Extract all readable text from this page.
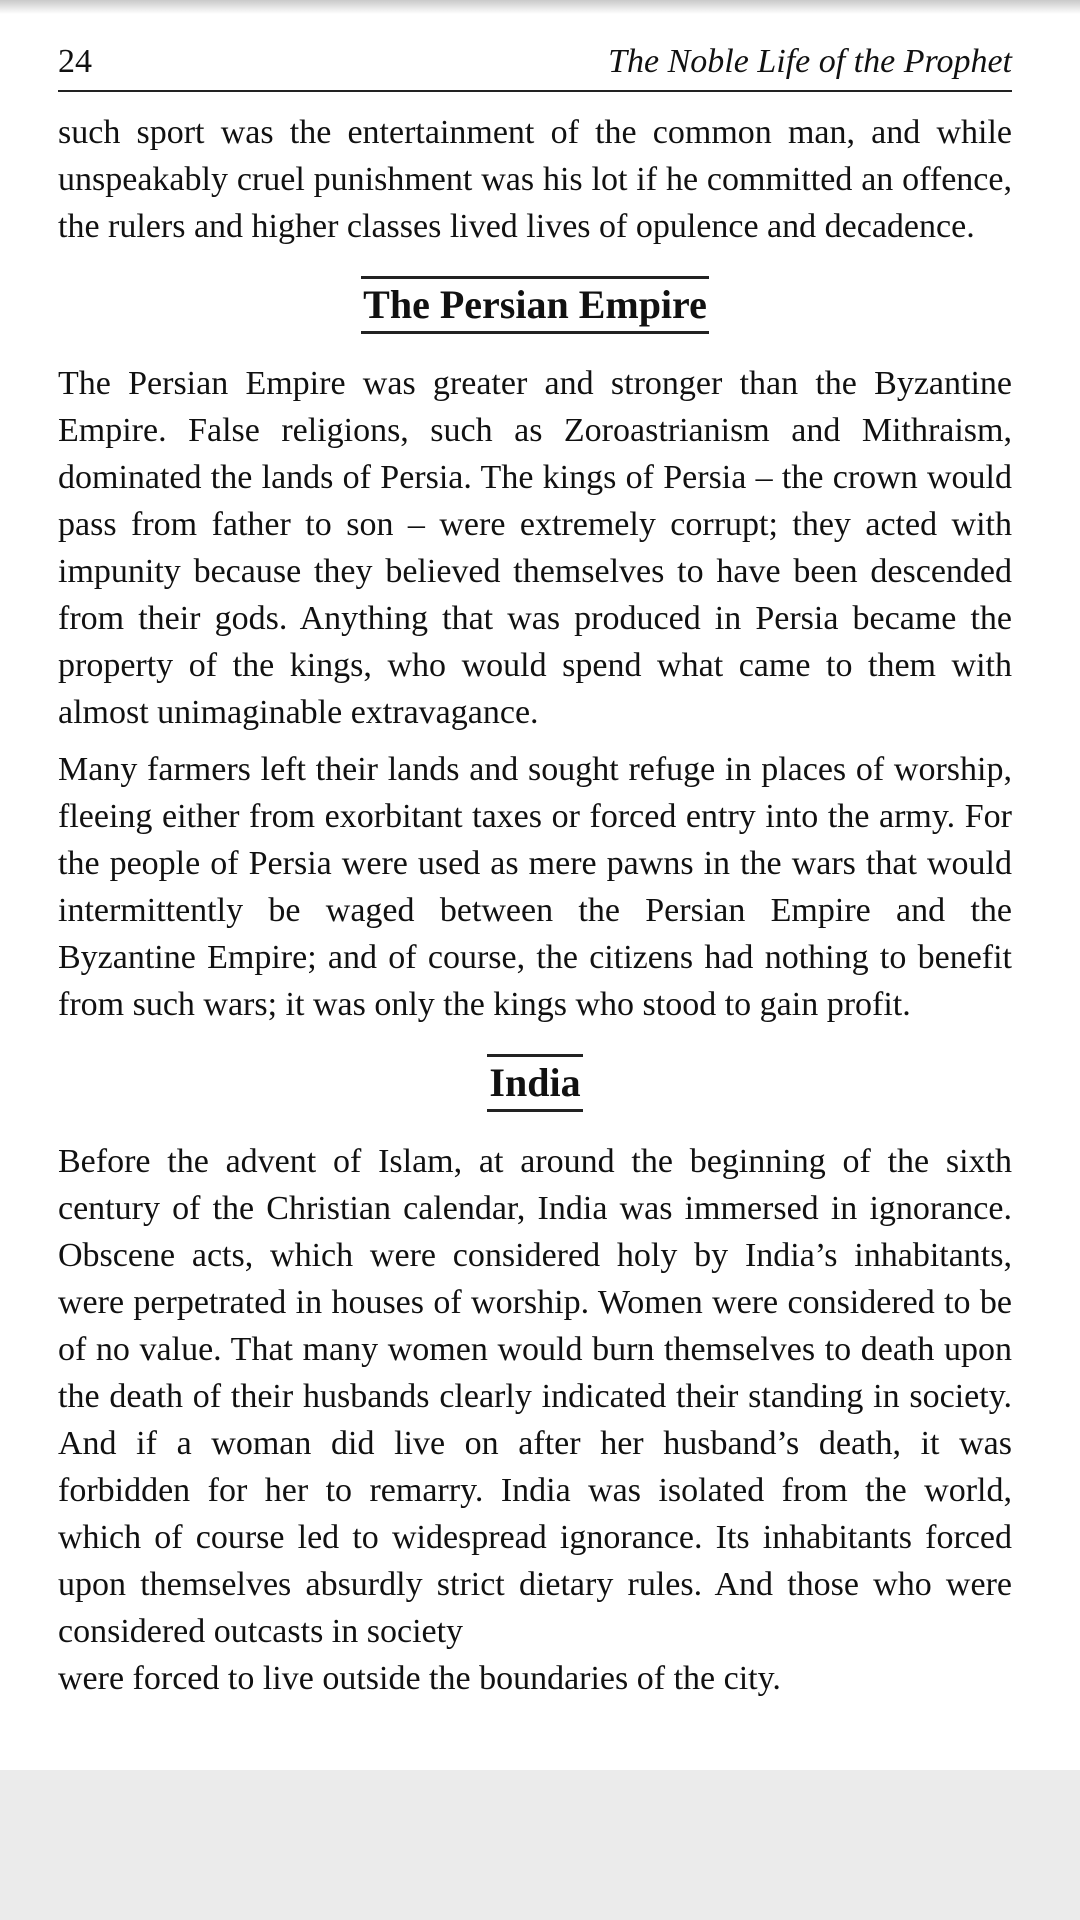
24	The Noble Life of the Prophet

such sport was the entertainment of the common man, and while unspeakably cruel punishment was his lot if he committed an offence, the rulers and higher classes lived lives of opulence and decadence.

The Persian Empire

The Persian Empire was greater and stronger than the Byzantine Empire. False religions, such as Zoroastrianism and Mithraism, dominated the lands of Persia. The kings of Persia – the crown would pass from father to son – were extremely corrupt; they acted with impunity because they believed themselves to have been descended from their gods. Anything that was produced in Persia became the property of the kings, who would spend what came to them with almost unimaginable extravagance.

Many farmers left their lands and sought refuge in places of worship, fleeing either from exorbitant taxes or forced entry into the army. For the people of Persia were used as mere pawns in the wars that would intermittently be waged between the Persian Empire and the Byzantine Empire; and of course, the citizens had nothing to benefit from such wars; it was only the kings who stood to gain profit.

India

Before the advent of Islam, at around the beginning of the sixth century of the Christian calendar, India was immersed in ignorance. Obscene acts, which were considered holy by India’s inhabitants, were perpetrated in houses of worship. Women were considered to be of no value. That many women would burn themselves to death upon the death of their husbands clearly indicated their standing in society. And if a woman did live on after her husband’s death, it was forbidden for her to remarry. India was isolated from the world, which of course led to widespread ignorance. Its inhabitants forced upon themselves absurdly strict dietary rules. And those who were considered outcasts in society

were forced to live outside the boundaries of the city.
